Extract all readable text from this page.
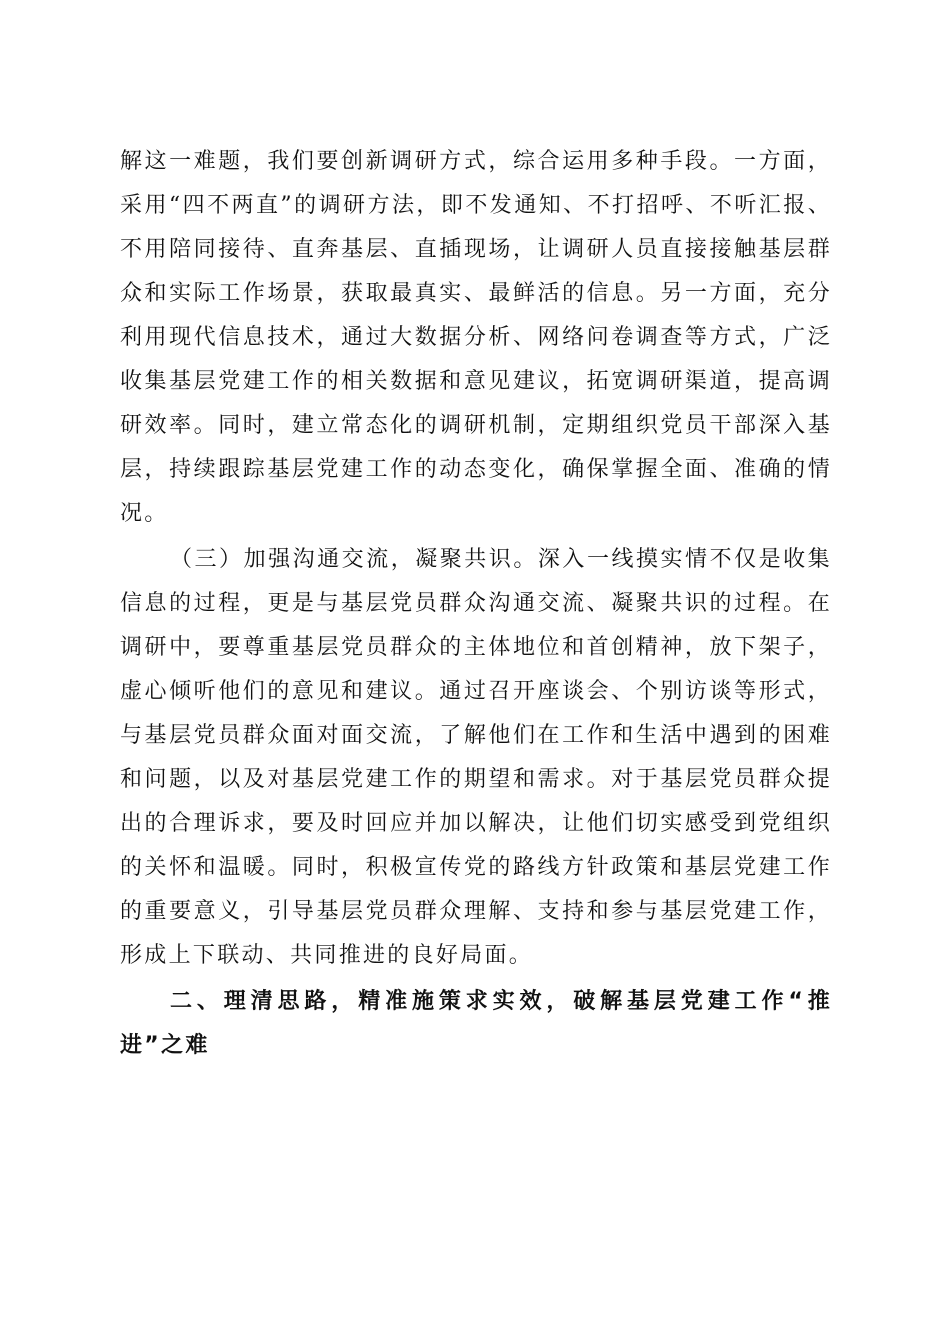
解这一难题，我们要创新调研方式，综合运用多种手段。一方面，采用“四不两直”的调研方法，即不发通知、不打招呼、不听汇报、不用陪同接待、直奔基层、直插现场，让调研人员直接接触基层群众和实际工作场景，获取最真实、最鲜活的信息。另一方面，充分利用现代信息技术，通过大数据分析、网络问卷调查等方式，广泛收集基层党建工作的相关数据和意见建议，拓宽调研渠道，提高调研效率。同时，建立常态化的调研机制，定期组织党员干部深入基层，持续跟踪基层党建工作的动态变化，确保掌握全面、准确的情况。

（三）加强沟通交流，凝聚共识。深入一线摸实情不仅是收集信息的过程，更是与基层党员群众沟通交流、凝聚共识的过程。在调研中，要尊重基层党员群众的主体地位和首创精神，放下架子，虚心倾听他们的意见和建议。通过召开座谈会、个别访谈等形式，与基层党员群众面对面交流，了解他们在工作和生活中遇到的困难和问题，以及对基层党建工作的期望和需求。对于基层党员群众提出的合理诉求，要及时回应并加以解决，让他们切实感受到党组织的关怀和温暖。同时，积极宣传党的路线方针政策和基层党建工作的重要意义，引导基层党员群众理解、支持和参与基层党建工作，形成上下联动、共同推进的良好局面。

二、理清思路，精准施策求实效，破解基层党建工作“推进”之难
